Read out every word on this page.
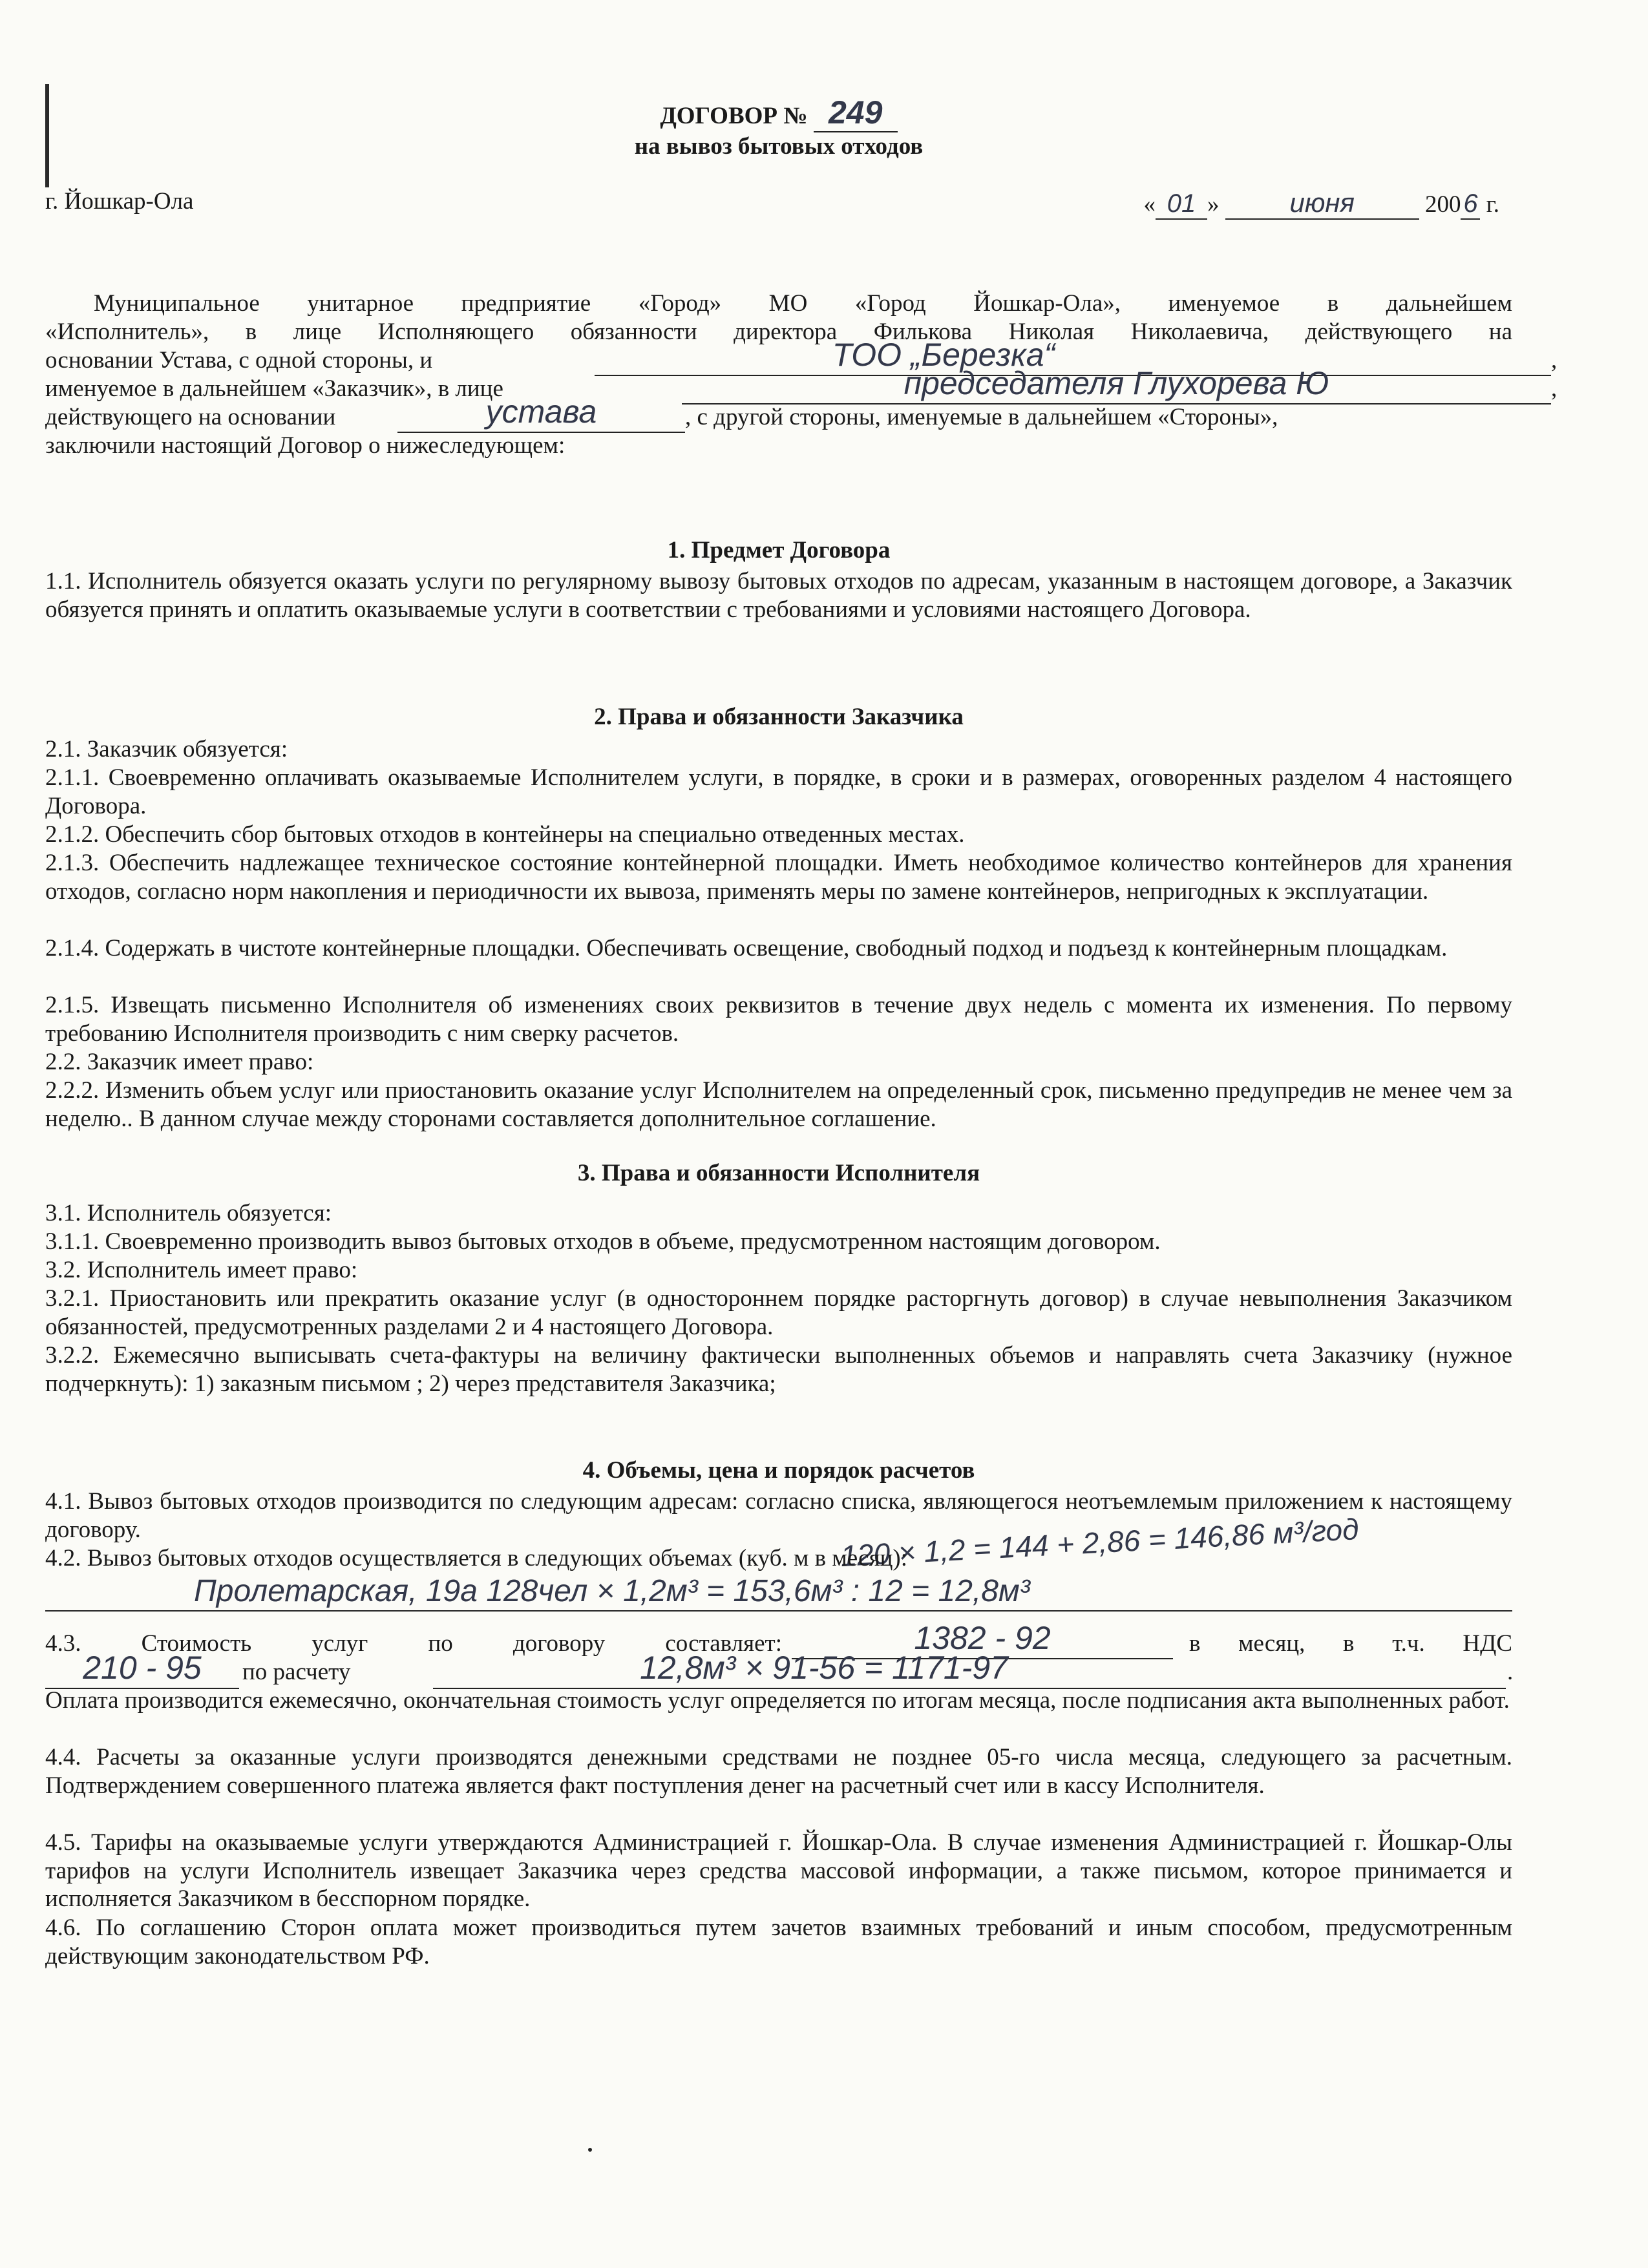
ДОГОВОР № 249
на вывоз бытовых отходов
г. Йошкар-Ола	« 01 »	июня	2006 г.
Муниципальное унитарное предприятие «Город» МО «Город Йошкар-Ола», именуемое в дальнейшем
«Исполнитель», в лице Исполняющего обязанности директора Филькова Николая Николаевича, действующего на
основании Устава, с одной стороны, и	ТОО „Березка“	,
именуемое в дальнейшем «Заказчик», в лице	председателя Глухорева Ю	,
действующего на основании	устава	, с другой стороны, именуемые в дальнейшем «Стороны»,
заключили настоящий Договор о нижеследующем:
1. Предмет Договора
1.1. Исполнитель обязуется оказать услуги по регулярному вывозу бытовых отходов по адресам, указанным в настоящем договоре, а Заказчик обязуется принять и оплатить оказываемые услуги в соответствии с требованиями и условиями настоящего Договора.
2. Права и обязанности Заказчика
2.1. Заказчик обязуется:
2.1.1. Своевременно оплачивать оказываемые Исполнителем услуги, в порядке, в сроки и в размерах, оговоренных разделом 4 настоящего Договора.
2.1.2. Обеспечить сбор бытовых отходов в контейнеры на специально отведенных местах.
2.1.3. Обеспечить надлежащее техническое состояние контейнерной площадки. Иметь необходимое количество контейнеров для хранения отходов, согласно норм накопления и периодичности их вывоза, применять меры по замене контейнеров, непригодных к эксплуатации.
2.1.4. Содержать в чистоте контейнерные площадки. Обеспечивать освещение, свободный подход и подъезд к контейнерным площадкам.
2.1.5. Извещать письменно Исполнителя об изменениях своих реквизитов в течение двух недель с момента их изменения. По первому требованию Исполнителя производить с ним сверку расчетов.
2.2. Заказчик имеет право:
2.2.2. Изменить объем услуг или приостановить оказание услуг Исполнителем на определенный срок, письменно предупредив не менее чем за неделю.. В данном случае между сторонами составляется дополнительное соглашение.
3. Права и обязанности Исполнителя
3.1. Исполнитель обязуется:
3.1.1. Своевременно производить вывоз бытовых отходов в объеме, предусмотренном настоящим договором.
3.2. Исполнитель имеет право:
3.2.1. Приостановить или прекратить оказание услуг (в одностороннем порядке расторгнуть договор) в случае невыполнения Заказчиком обязанностей, предусмотренных разделами 2 и 4 настоящего Договора.
3.2.2. Ежемесячно выписывать счета-фактуры на величину фактически выполненных объемов и направлять счета Заказчику (нужное подчеркнуть): 1) заказным письмом ; 2) через представителя Заказчика;
4. Объемы, цена и порядок расчетов
4.1. Вывоз бытовых отходов производится по следующим адресам: согласно списка, являющегося неотъемлемым приложением к настоящему договору.	120 × 1,2 = 144 + 2,86 = 146,86 м³/год
4.2. Вывоз бытовых отходов осуществляется в следующих объемах (куб. м в месяц):
Пролетарская, 19а 128чел × 1,2м³ = 153,6м³ : 12 = 12,8м³
4.3. Стоимость услуг по договору составляет:	1382 - 92	в месяц, в т.ч. НДС
210 - 95	по расчету	12,8м³ × 91-56 = 1171-97	.
Оплата производится ежемесячно, окончательная стоимость услуг определяется по итогам месяца, после подписания акта выполненных работ.
4.4. Расчеты за оказанные услуги производятся денежными средствами не позднее 05-го числа месяца, следующего за расчетным. Подтверждением совершенного платежа является факт поступления денег на расчетный счет или в кассу Исполнителя.
4.5. Тарифы на оказываемые услуги утверждаются Администрацией г. Йошкар-Ола. В случае изменения Администрацией г. Йошкар-Олы тарифов на услуги Исполнитель извещает Заказчика через средства массовой информации, а также письмом, которое принимается и исполняется Заказчиком в бесспорном порядке.
4.6. По соглашению Сторон оплата может производиться путем зачетов взаимных требований и иным способом, предусмотренным действующим законодательством РФ.
